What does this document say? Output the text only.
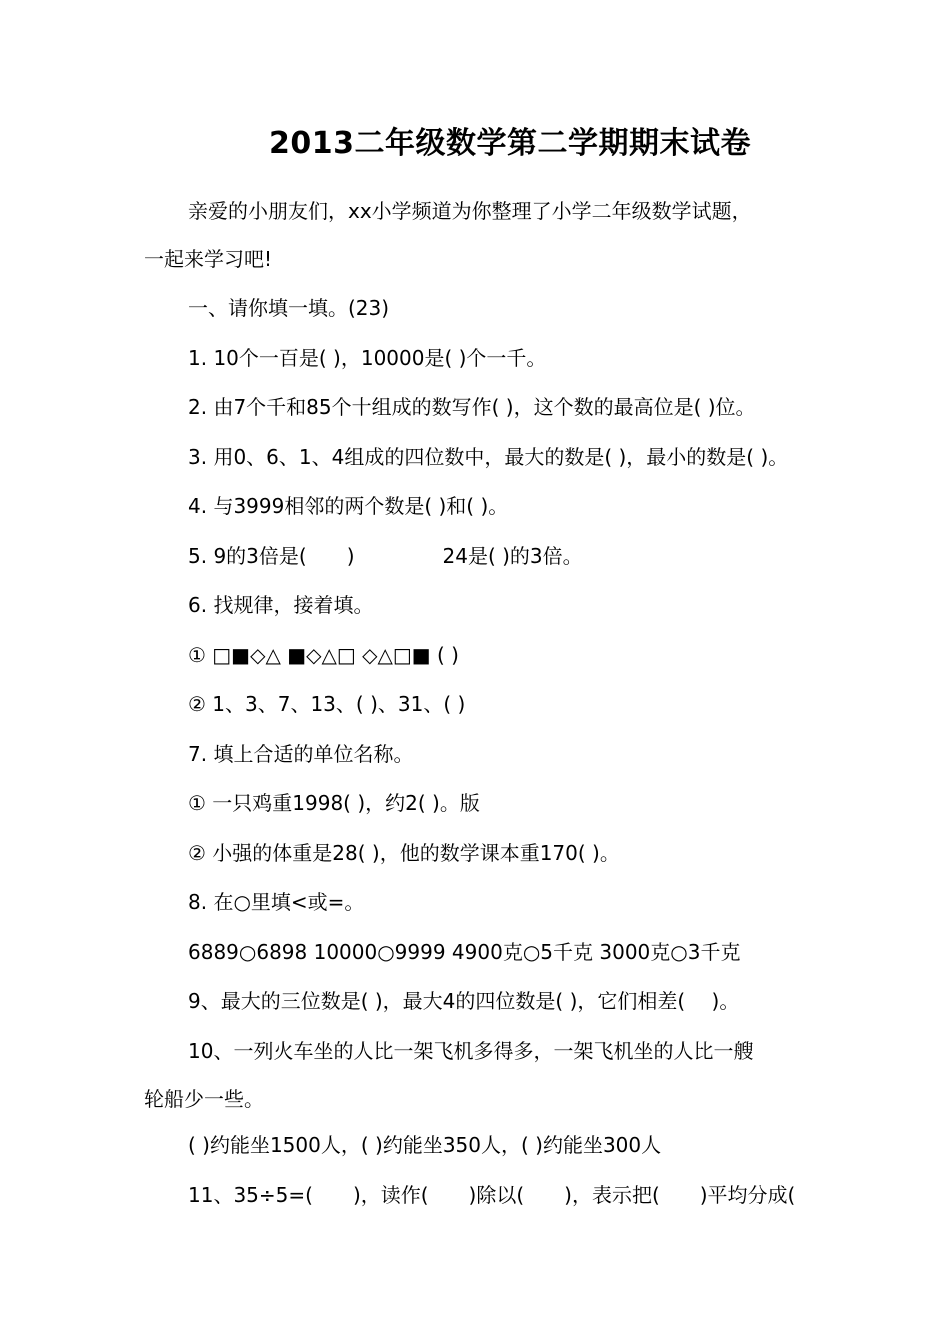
2013二年级数学第二学期期末试卷
亲爱的小朋友们，xx小学频道为你整理了小学二年级数学试题，
一起来学习吧!
一、请你填一填。(23)
1. 10个一百是( )，10000是( )个一千。
2. 由7个千和85个十组成的数写作( )，这个数的最高位是( )位。
3. 用0、6、1、4组成的四位数中，最大的数是( )，最小的数是( )。
4. 与3999相邻的两个数是( )和( )。
5. 9的3倍是(　　)	24是( )的3倍。
6. 找规律，接着填。
① □■◇△ ■◇△□ ◇△□■ ( )
② 1、3、7、13、( )、31、( )
7. 填上合适的单位名称。
① 一只鸡重1998( )，约2( )。版
② 小强的体重是28( )，他的数学课本重170( )。
8. 在○里填<或=。
6889○6898 10000○9999 4900克○5千克 3000克○3千克
9、最大的三位数是( )，最大4的四位数是( )，它们相差(　 )。
10、一列火车坐的人比一架飞机多得多，一架飞机坐的人比一艘
轮船少一些。
( )约能坐1500人，( )约能坐350人，( )约能坐300人
11、35÷5=(　　)，读作(　　)除以(　　)，表示把(　　)平均分成(
